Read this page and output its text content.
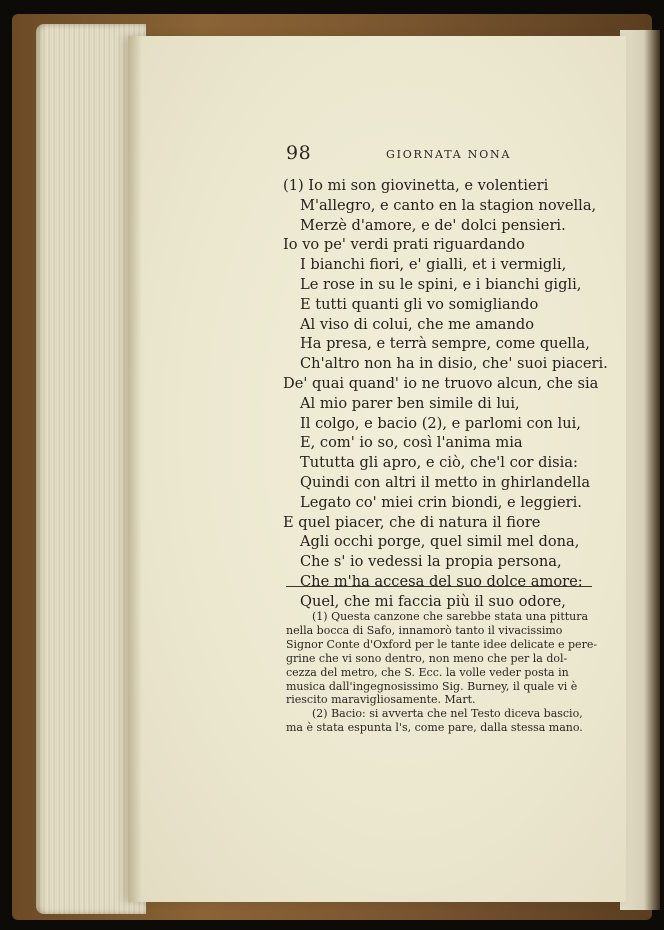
98	GIORNATA NONA
(1) Io mi son giovinetta, e volentieri
M'allegro, e canto en la stagion novella,
Merzè d'amore, e de' dolci pensieri.
Io vo pe' verdi prati riguardando
I bianchi fiori, e' gialli, et i vermigli,
Le rose in su le spini, e i bianchi gigli,
E tutti quanti gli vo somigliando
Al viso di colui, che me amando
Ha presa, e terrà sempre, come quella,
Ch'altro non ha in disio, che' suoi piaceri.
De' quai quand' io ne truovo alcun, che sia
Al mio parer ben simile di lui,
Il colgo, e bacio (2), e parlomi con lui,
E, com' io so, così l'anima mia
Tututta gli apro, e ciò, che'l cor disia:
Quindi con altri il metto in ghirlandella
Legato co' miei crin biondi, e leggieri.
E quel piacer, che di natura il fiore
Agli occhi porge, quel simil mel dona,
Che s' io vedessi la propia persona,
Che m'ha accesa del suo dolce amore:
Quel, che mi faccia più il suo odore,
(1) Questa canzone che sarebbe stata una pittura
nella bocca di Safo, innamorò tanto il vivacissimo
Signor Conte d'Oxford per le tante idee delicate e pere-
grine che vi sono dentro, non meno che per la dol-
cezza del metro, che S. Ecc. la volle veder posta in
musica dall'ingegnosissimo Sig. Burney, il quale vi è
riescito maravigliosamente. Mart.
(2) Bacio: si avverta che nel Testo diceva bascio,
ma è stata espunta l's, come pare, dalla stessa mano.
